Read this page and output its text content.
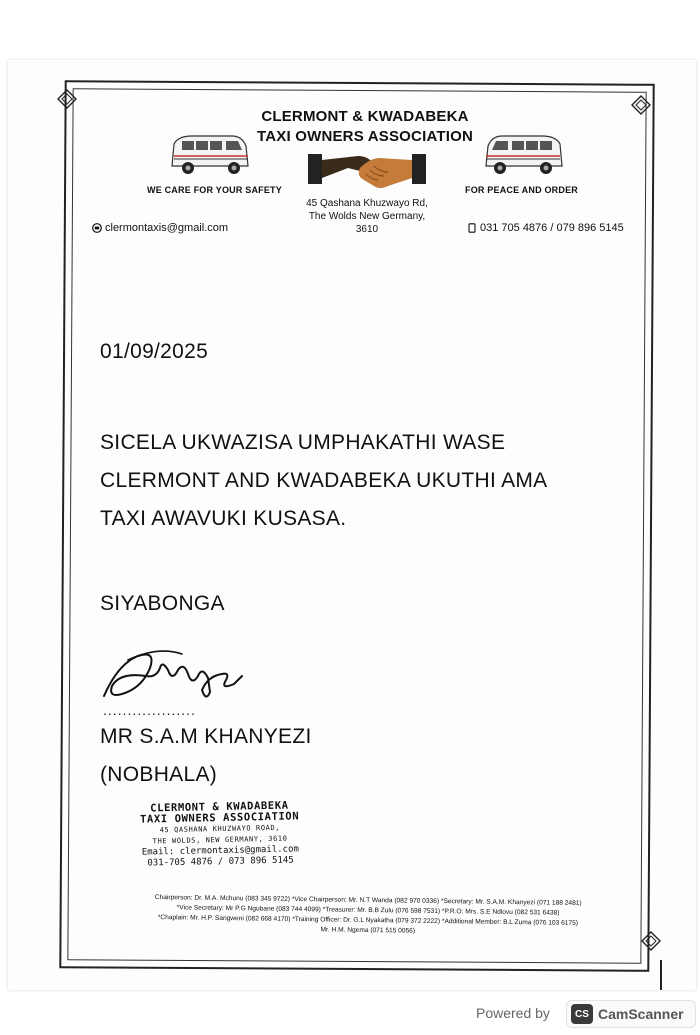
CLERMONT & KWADABEKA
TAXI OWNERS ASSOCIATION
WE CARE FOR YOUR SAFETY	FOR PEACE AND ORDER
45 Qashana Khuzwayo Rd,
The Wolds New Germany,
3610
clermontaxis@gmail.com	031 705 4876 / 079 896 5145
01/09/2025
SICELA UKWAZISA UMPHAKATHI WASE
CLERMONT AND KWADABEKA UKUTHI AMA
TAXI AWAVUKI KUSASA.
SIYABONGA
...................
MR S.A.M KHANYEZI
(NOBHALA)
CLERMONT & KWADABEKA
TAXI OWNERS ASSOCIATION
45 QASHANA KHUZWAYO ROAD,
THE WOLDS, NEW GERMANY, 3610
Email: clermontaxis@gmail.com
031-705 4876 / 073 896 5145
Chairperson: Dr. M.A. Mchunu (083 345 9722) *Vice Chairperson: Mr. N.T Wanda (082 970 0336) *Secretary: Mr. S.A.M. Khanyezi (071 188 2481)
*Vice Secretary: Mr P.G Ngubane (083 744 4099) *Treasurer: Mr. B.B Zulu (076 598 7531) *P.R.O: Mrs. S.E Ndlovu (082 531 6438)
*Chaplain: Mr. H.P. Sangweni (082 668 4170) *Training Officer: Dr. G.L Nyakatha (079 372 2222) *Additional Member: B.L Zuma (076 103 6175)
Mr. H.M. Ngema (071 515 0056)
Powered by	CS CamScanner
